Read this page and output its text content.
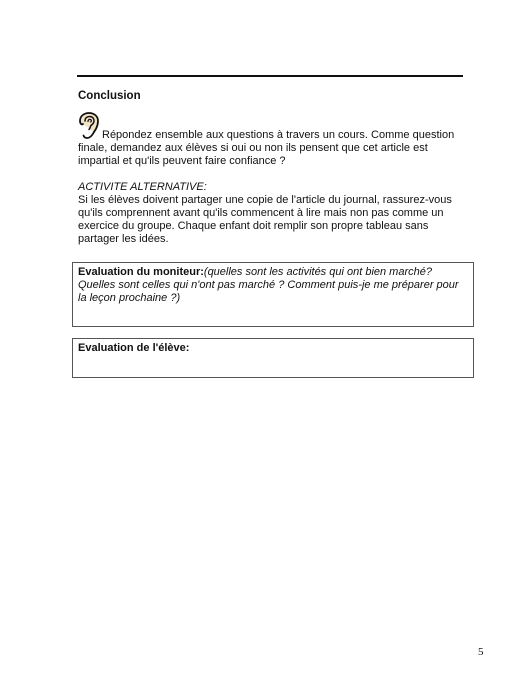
Conclusion
Répondez ensemble aux questions à travers un cours. Comme question finale, demandez aux élèves si oui ou non ils pensent que cet article est impartial et qu'ils peuvent faire confiance ?
ACTIVITE ALTERNATIVE:
Si les élèves doivent partager une copie de l'article du journal, rassurez-vous qu'ils comprennent avant qu'ils commencent à lire mais non pas comme un exercice du groupe. Chaque enfant doit remplir son propre tableau sans partager les idées.
Evaluation du moniteur:(quelles sont les activités qui ont bien marché? Quelles sont celles qui n'ont pas marché ? Comment puis-je me préparer pour la leçon prochaine ?)
Evaluation de l'élève:
5
